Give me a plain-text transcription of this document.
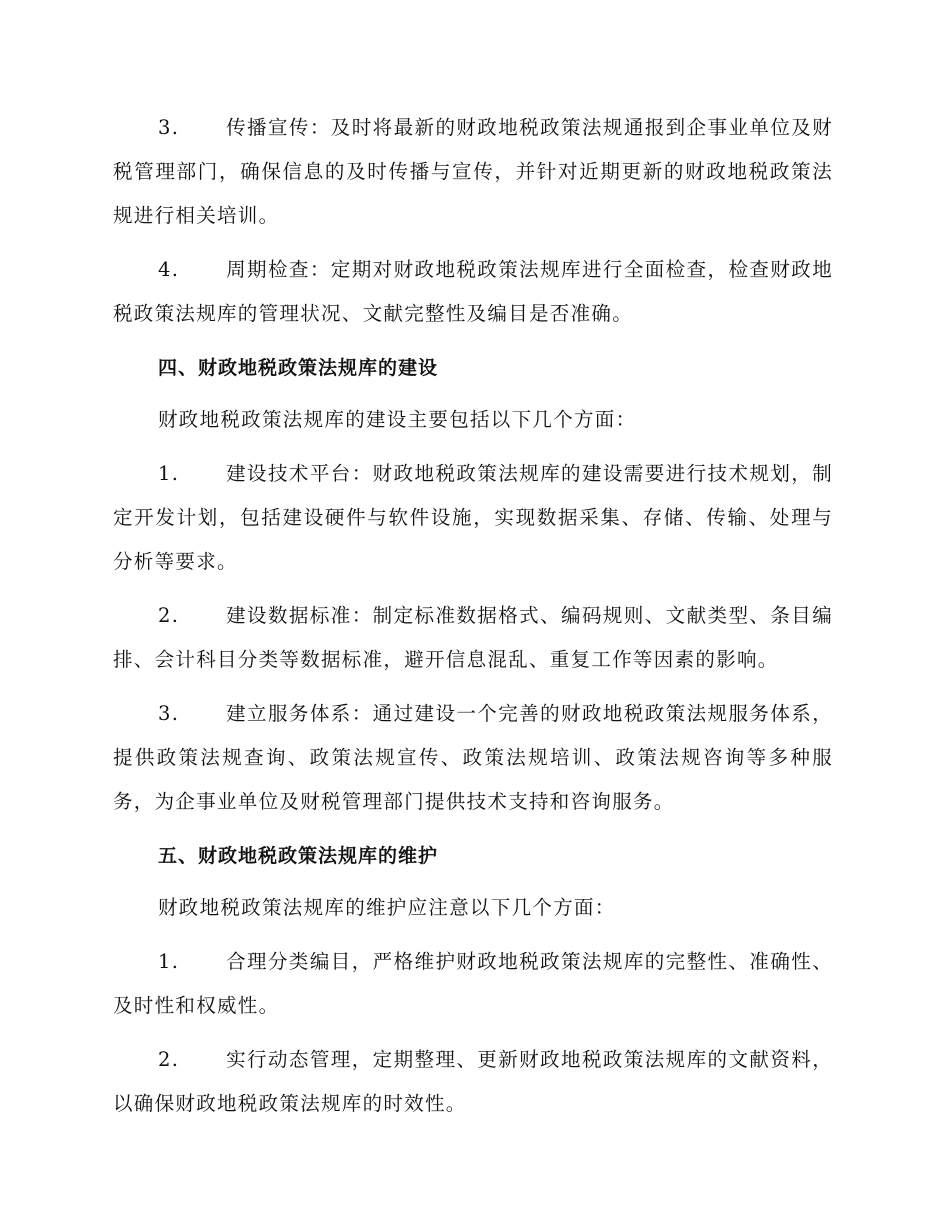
3. 传播宣传：及时将最新的财政地税政策法规通报到企事业单位及财税管理部门，确保信息的及时传播与宣传，并针对近期更新的财政地税政策法规进行相关培训。

4. 周期检查：定期对财政地税政策法规库进行全面检查，检查财政地税政策法规库的管理状况、文献完整性及编目是否准确。

四、财政地税政策法规库的建设

财政地税政策法规库的建设主要包括以下几个方面：

1. 建设技术平台：财政地税政策法规库的建设需要进行技术规划，制定开发计划，包括建设硬件与软件设施，实现数据采集、存储、传输、处理与分析等要求。

2. 建设数据标准：制定标准数据格式、编码规则、文献类型、条目编排、会计科目分类等数据标准，避开信息混乱、重复工作等因素的影响。

3. 建立服务体系：通过建设一个完善的财政地税政策法规服务体系，提供政策法规查询、政策法规宣传、政策法规培训、政策法规咨询等多种服务，为企事业单位及财税管理部门提供技术支持和咨询服务。

五、财政地税政策法规库的维护

财政地税政策法规库的维护应注意以下几个方面：

1. 合理分类编目，严格维护财政地税政策法规库的完整性、准确性、及时性和权威性。

2. 实行动态管理，定期整理、更新财政地税政策法规库的文献资料，以确保财政地税政策法规库的时效性。
